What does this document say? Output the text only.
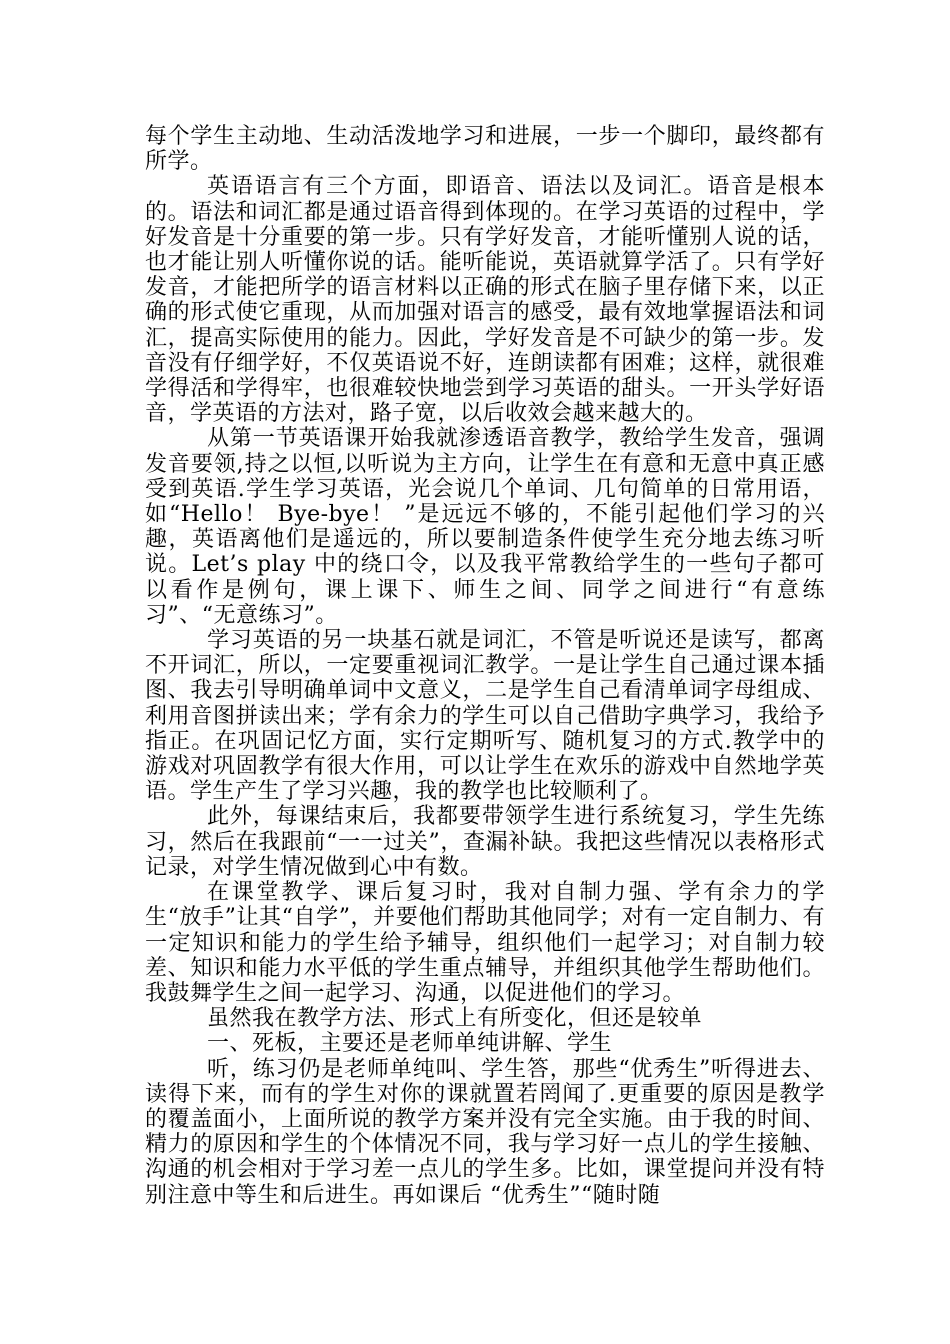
每个学生主动地、生动活泼地学习和进展，一步一个脚印，最终都有所学。

英语语言有三个方面，即语音、语法以及词汇。语音是根本的。语法和词汇都是通过语音得到体现的。在学习英语的过程中，学好发音是十分重要的第一步。只有学好发音，才能听懂别人说的话，也才能让别人听懂你说的话。能听能说，英语就算学活了。只有学好发音，才能把所学的语言材料以正确的形式在脑子里存储下来，以正确的形式使它重现，从而加强对语言的感受，最有效地掌握语法和词汇，提高实际使用的能力。因此，学好发音是不可缺少的第一步。发音没有仔细学好，不仅英语说不好，连朗读都有困难；这样，就很难学得活和学得牢，也很难较快地尝到学习英语的甜头。一开头学好语音，学英语的方法对，路子宽，以后收效会越来越大的。

从第一节英语课开始我就渗透语音教学，教给学生发音，强调发音要领,持之以恒,以听说为主方向，让学生在有意和无意中真正感受到英语.学生学习英语，光会说几个单词、几句简单的日常用语，如“Hello！ Bye-bye！ ”是远远不够的，不能引起他们学习的兴趣，英语离他们是遥远的，所以要制造条件使学生充分地去练习听说。Let’s play 中的绕口令，以及我平常教给学生的一些句子都可以看作是例句，课上课下、师生之间、同学之间进行“有意练习”、“无意练习”。

学习英语的另一块基石就是词汇，不管是听说还是读写，都离不开词汇，所以，一定要重视词汇教学。一是让学生自己通过课本插图、我去引导明确单词中文意义，二是学生自己看清单词字母组成、利用音图拼读出来；学有余力的学生可以自己借助字典学习，我给予指正。在巩固记忆方面，实行定期听写、随机复习的方式.教学中的游戏对巩固教学有很大作用，可以让学生在欢乐的游戏中自然地学英语。学生产生了学习兴趣，我的教学也比较顺利了。

此外，每课结束后，我都要带领学生进行系统复习，学生先练习，然后在我跟前“一一过关”，查漏补缺。我把这些情况以表格形式记录，对学生情况做到心中有数。

在课堂教学、课后复习时，我对自制力强、学有余力的学生“放手”让其“自学”，并要他们帮助其他同学；对有一定自制力、有一定知识和能力的学生给予辅导，组织他们一起学习；对自制力较差、知识和能力水平低的学生重点辅导，并组织其他学生帮助他们。我鼓舞学生之间一起学习、沟通，以促进他们的学习。

虽然我在教学方法、形式上有所变化，但还是较单

一、死板，主要还是老师单纯讲解、学生

听，练习仍是老师单纯叫、学生答，那些“优秀生”听得进去、读得下来，而有的学生对你的课就置若罔闻了.更重要的原因是教学的覆盖面小，上面所说的教学方案并没有完全实施。由于我的时间、精力的原因和学生的个体情况不同，我与学习好一点儿的学生接触、沟通的机会相对于学习差一点儿的学生多。比如，课堂提问并没有特别注意中等生和后进生。再如课后 “优秀生”“随时随
